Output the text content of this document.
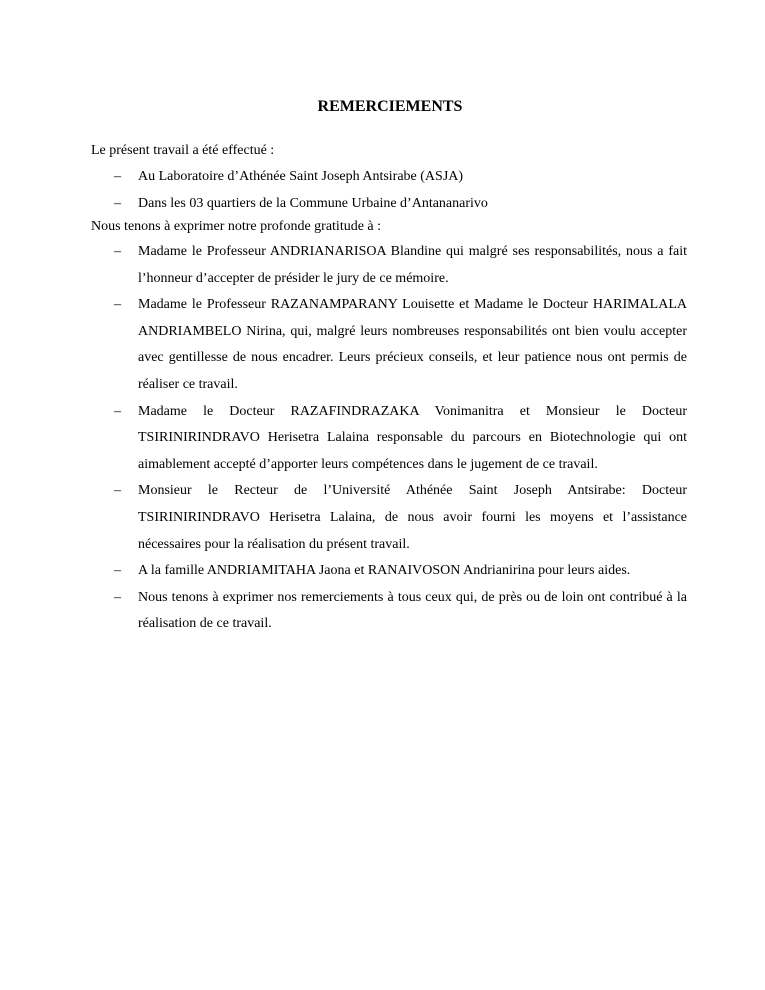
REMERCIEMENTS

Le présent travail a été effectué :

– Au Laboratoire d’Athénée Saint Joseph Antsirabe (ASJA)
– Dans les 03 quartiers de la Commune Urbaine d’Antananarivo

Nous tenons à exprimer notre profonde gratitude à :

– Madame le Professeur ANDRIANARISOA Blandine qui malgré ses responsabilités, nous a fait l’honneur d’accepter de présider le jury de ce mémoire.
– Madame le Professeur RAZANAMPARANY Louisette et Madame le Docteur HARIMALALA ANDRIAMBELO Nirina, qui, malgré leurs nombreuses responsabilités ont bien voulu accepter avec gentillesse de nous encadrer. Leurs précieux conseils, et leur patience nous ont permis de réaliser ce travail.
– Madame le Docteur RAZAFINDRAZAKA Vonimanitra et Monsieur le Docteur TSIRINIRINDRAVO Herisetra Lalaina responsable du parcours en Biotechnologie qui ont aimablement accepté d’apporter leurs compétences dans le jugement de ce travail.
– Monsieur le Recteur de l’Université Athénée Saint Joseph Antsirabe: Docteur TSIRINIRINDRAVO Herisetra Lalaina, de nous avoir fourni les moyens et l’assistance nécessaires pour la réalisation du présent travail.
– A la famille ANDRIAMITAHA Jaona et RANAIVOSON Andrianirina pour leurs aides.
– Nous tenons à exprimer nos remerciements à tous ceux qui, de près ou de loin ont contribué à la réalisation de ce travail.
